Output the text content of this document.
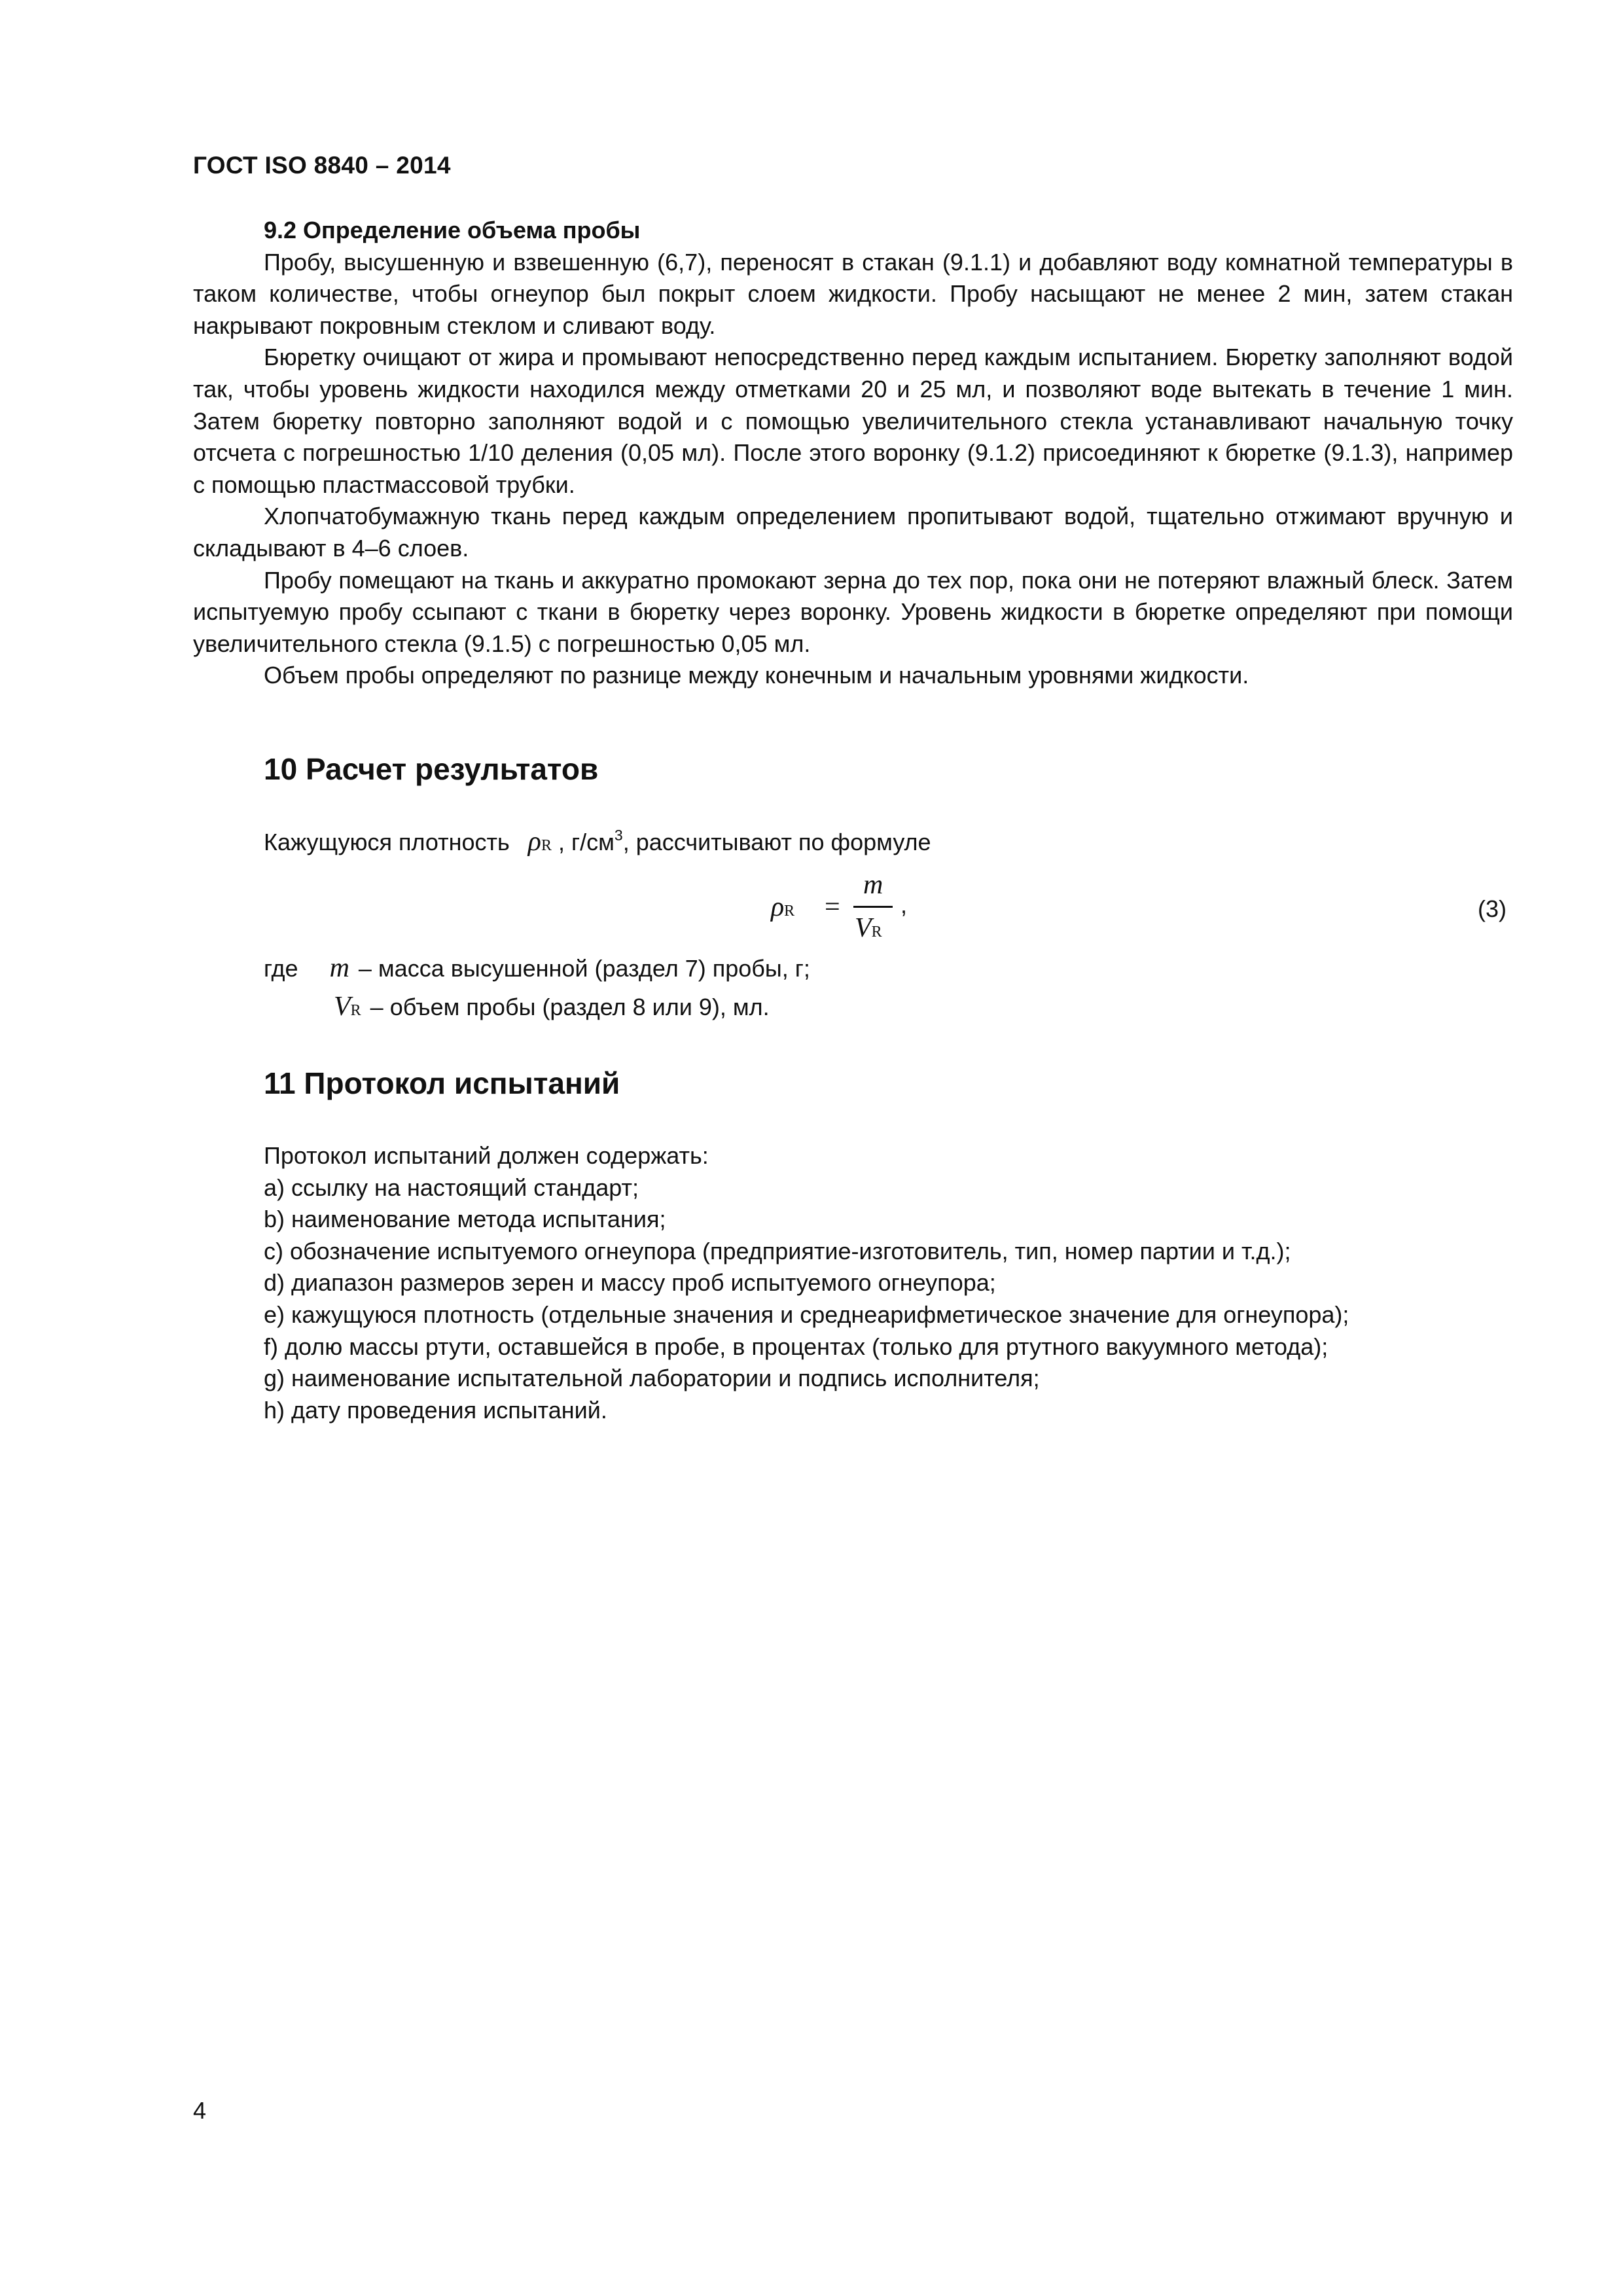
ГОСТ ISO 8840 – 2014

9.2 Определение объема пробы

Пробу, высушенную и взвешенную (6,7), переносят в стакан (9.1.1) и добавляют воду комнатной температуры в таком количестве, чтобы огнеупор был покрыт слоем жидкости. Пробу насыщают не менее 2 мин, затем стакан накрывают покровным стеклом и сливают воду.

Бюретку очищают от жира и промывают непосредственно перед каждым испытанием. Бюретку заполняют водой так, чтобы уровень жидкости находился между отметками 20 и 25 мл, и позволяют воде вытекать в течение 1 мин. Затем бюретку повторно заполняют водой и с помощью увеличительного стекла устанавливают начальную точку отсчета с погрешностью 1/10 деления (0,05 мл). После этого воронку (9.1.2) присоединяют к бюретке (9.1.3), например с помощью пластмассовой трубки.

Хлопчатобумажную ткань перед каждым определением пропитывают водой, тщательно отжимают вручную и складывают в 4–6 слоев.

Пробу помещают на ткань и аккуратно промокают зерна до тех пор, пока они не потеряют влажный блеск. Затем испытуемую пробу ссыпают с ткани в бюретку через воронку. Уровень жидкости в бюретке определяют при помощи увеличительного стекла (9.1.5) с погрешностью 0,05 мл.

Объем пробы определяют по разнице между конечным и начальным уровнями жидкости.

10 Расчет результатов
Кажущуюся плотность ρR , $г/см^3$, рассчитывают по формуле
ρR =
m
VR
,	(3)
где m – масса высушенной (раздел 7) пробы, г;
VR – объем пробы (раздел 8 или 9), мл.
11 Протокол испытаний

Протокол испытаний должен содержать:

a) ссылку на настоящий стандарт;

b) наименование метода испытания;

c) обозначение испытуемого огнеупора (предприятие-изготовитель, тип, номер партии и т.д.);

d) диапазон размеров зерен и массу проб испытуемого огнеупора;

e) кажущуюся плотность (отдельные значения и среднеарифметическое значение для огнеупора);

f) долю массы ртути, оставшейся в пробе, в процентах (только для ртутного вакуумного метода);

g) наименование испытательной лаборатории и подпись исполнителя;

h) дату проведения испытаний.

4
